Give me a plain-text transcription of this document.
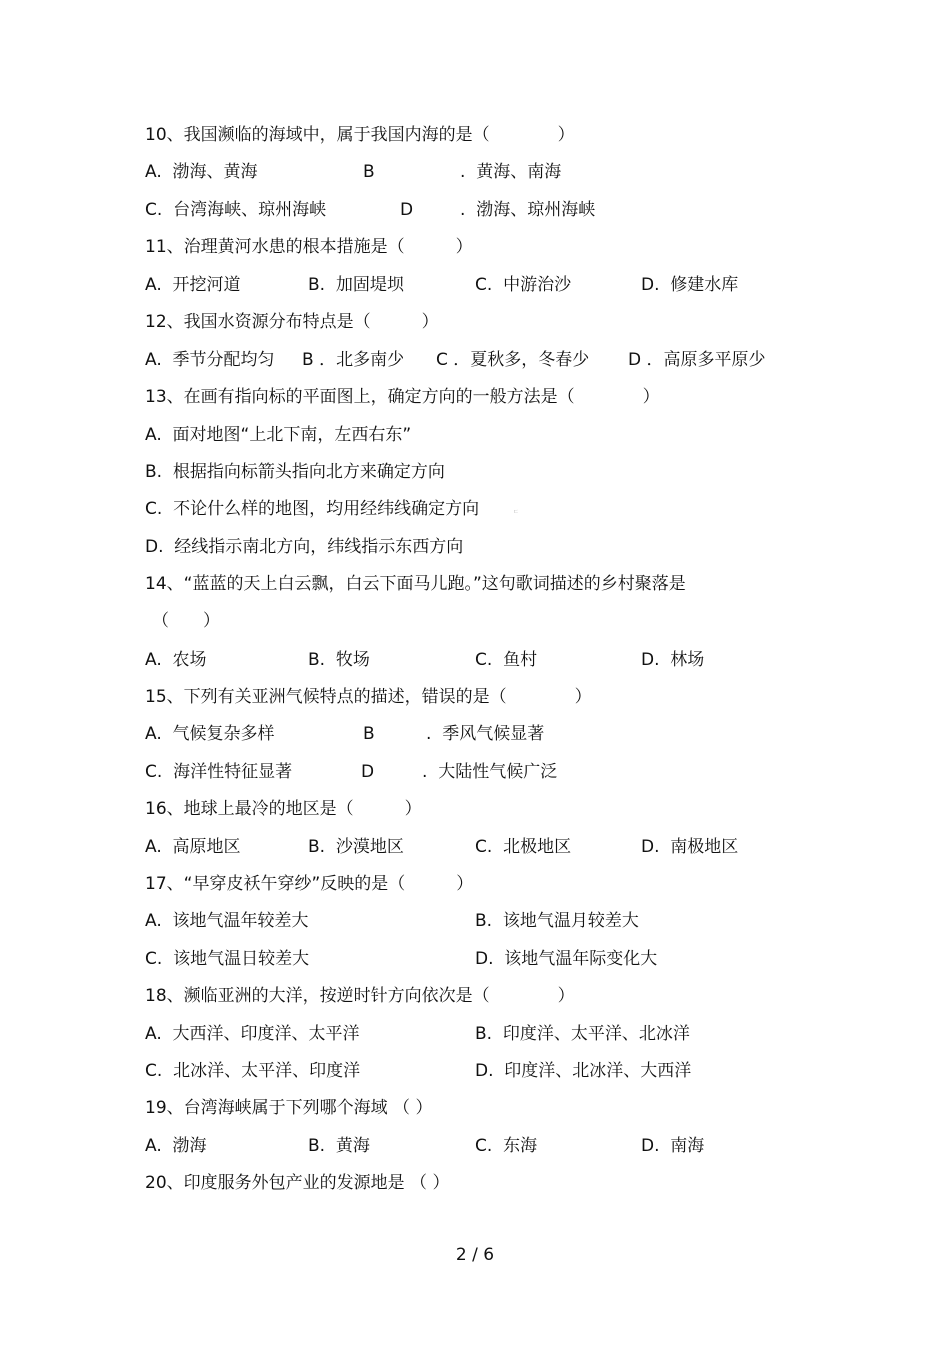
10、我国濒临的海域中，属于我国内海的是（　　　　）
A.  渤海、黄海	B	.  黄海、南海
C.  台湾海峡、琼州海峡	D	.  渤海、琼州海峡
11、治理黄河水患的根本措施是（　　　）
A.  开挖河道	B.  加固堤坝	C.  中游治沙	D.  修建水库
12、我国水资源分布特点是（　　　）
A.  季节分配均匀 B ．北多南少 C ．夏秋多，冬春少 D ．高原多平原少
13、在画有指向标的平面图上，确定方向的一般方法是（　　　　）
A.  面对地图“上北下南，左西右东”
B.  根据指向标箭头指向北方来确定方向
C.  不论什么样的地图，均用经纬线确定方向
D.  经线指示南北方向，纬线指示东西方向
14、“蓝蓝的天上白云飘，白云下面马儿跑。”这句歌词描述的乡村聚落是
（　　）
A.  农场	B.  牧场	C.  鱼村	D.  林场
15、下列有关亚洲气候特点的描述，错误的是（　　　　）
A.  气候复杂多样	B	.  季风气候显著
C.  海洋性特征显著	D	.  大陆性气候广泛
16、地球上最冷的地区是（　　　）
A.  高原地区	B.  沙漠地区	C.  北极地区	D.  南极地区
17、“早穿皮袄午穿纱”反映的是（　　　）
A.  该地气温年较差大	B.  该地气温月较差大
C.  该地气温日较差大	D.  该地气温年际变化大
18、濒临亚洲的大洋，按逆时针方向依次是（　　　　）
A.  大西洋、印度洋、太平洋	B.  印度洋、太平洋、北冰洋
C.  北冰洋、太平洋、印度洋	D.  印度洋、北冰洋、大西洋
19、台湾海峡属于下列哪个海域 （ ）
A.  渤海	B.  黄海	C.  东海	D.  南海
20、印度服务外包产业的发源地是 （ ）
ㄷ
2 / 6
